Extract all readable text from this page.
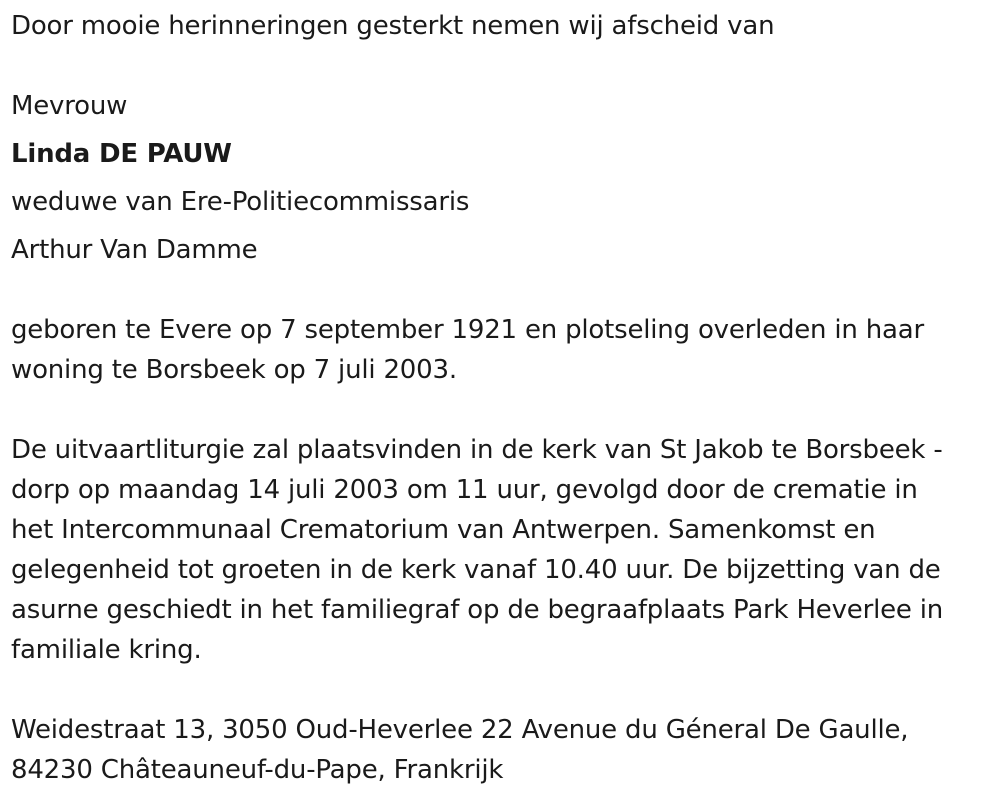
Door mooie herinneringen gesterkt nemen wij afscheid van
Mevrouw
Linda DE PAUW
weduwe van Ere-Politiecommissaris
Arthur Van Damme
geboren te Evere op 7 september 1921 en plotseling overleden in haar
woning te Borsbeek op 7 juli 2003.
De uitvaartliturgie zal plaatsvinden in de kerk van St Jakob te Borsbeek -
dorp op maandag 14 juli 2003 om 11 uur, gevolgd door de crematie in
het Intercommunaal Crematorium van Antwerpen. Samenkomst en
gelegenheid tot groeten in de kerk vanaf 10.40 uur. De bijzetting van de
asurne geschiedt in het familiegraf op de begraafplaats Park Heverlee in
familiale kring.
Weidestraat 13, 3050 Oud-Heverlee 22 Avenue du Géneral De Gaulle,
84230 Châteauneuf-du-Pape, Frankrijk
